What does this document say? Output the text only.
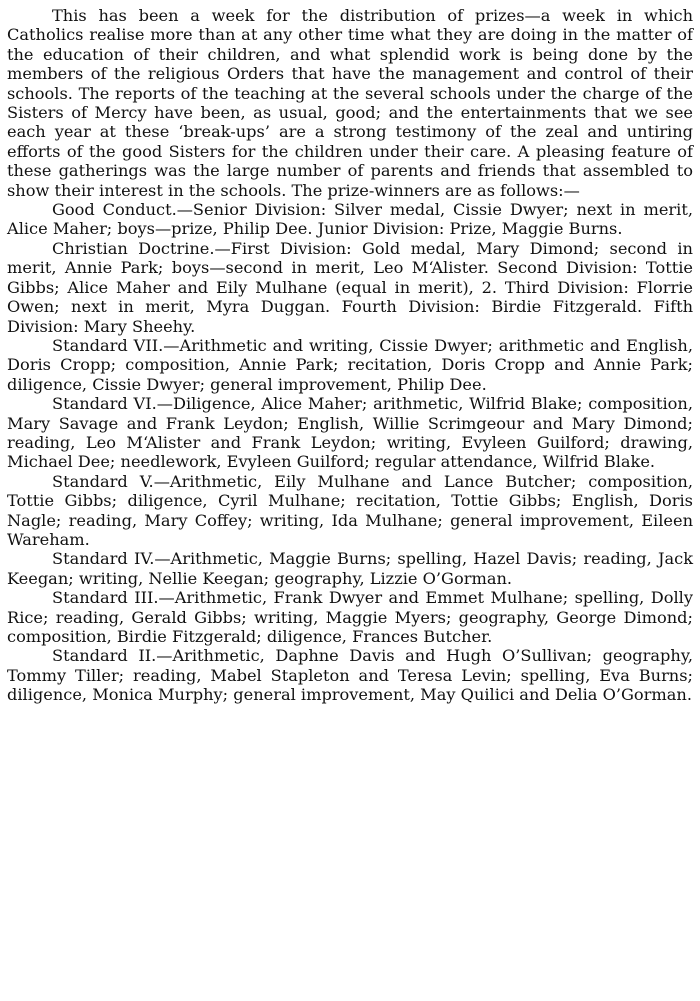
This has been a week for the distribution of prizes—a week in which Catholics realise more than at any other time what they are doing in the matter of the education of their children, and what splendid work is being done by the members of the religious Orders that have the management and control of their schools. The reports of the teaching at the several schools under the charge of the Sisters of Mercy have been, as usual, good; and the entertainments that we see each year at these ‘break-ups’ are a strong testimony of the zeal and untiring efforts of the good Sisters for the children under their care. A pleasing feature of these gatherings was the large number of parents and friends that assembled to show their interest in the schools. The prize-winners are as follows:—

Good Conduct.—Senior Division: Silver medal, Cissie Dwyer; next in merit, Alice Maher; boys—prize, Philip Dee. Junior Division: Prize, Maggie Burns.

Christian Doctrine.—First Division: Gold medal, Mary Dimond; second in merit, Annie Park; boys—second in merit, Leo M‘Alister. Second Division: Tottie Gibbs; Alice Maher and Eily Mulhane (equal in merit), 2. Third Division: Florrie Owen; next in merit, Myra Duggan. Fourth Division: Birdie Fitzgerald. Fifth Division: Mary Sheehy.

Standard VII.—Arithmetic and writing, Cissie Dwyer; arithmetic and English, Doris Cropp; composition, Annie Park; recitation, Doris Cropp and Annie Park; diligence, Cissie Dwyer; general improvement, Philip Dee.

Standard VI.—Diligence, Alice Maher; arithmetic, Wilfrid Blake; composition, Mary Savage and Frank Leydon; English, Willie Scrimgeour and Mary Dimond; reading, Leo M‘Alister and Frank Leydon; writing, Evyleen Guilford; drawing, Michael Dee; needlework, Evyleen Guilford; regular attendance, Wilfrid Blake.

Standard V.—Arithmetic, Eily Mulhane and Lance Butcher; composition, Tottie Gibbs; diligence, Cyril Mulhane; recitation, Tottie Gibbs; English, Doris Nagle; reading, Mary Coffey; writing, Ida Mulhane; general improvement, Eileen Wareham.

Standard IV.—Arithmetic, Maggie Burns; spelling, Hazel Davis; reading, Jack Keegan; writing, Nellie Keegan; geography, Lizzie O’Gorman.

Standard III.—Arithmetic, Frank Dwyer and Emmet Mulhane; spelling, Dolly Rice; reading, Gerald Gibbs; writing, Maggie Myers; geography, George Dimond; composition, Birdie Fitzgerald; diligence, Frances Butcher.

Standard II.—Arithmetic, Daphne Davis and Hugh O’Sullivan; geography, Tommy Tiller; reading, Mabel Stapleton and Teresa Levin; spelling, Eva Burns; diligence, Monica Murphy; general improvement, May Quilici and Delia O’Gorman.
